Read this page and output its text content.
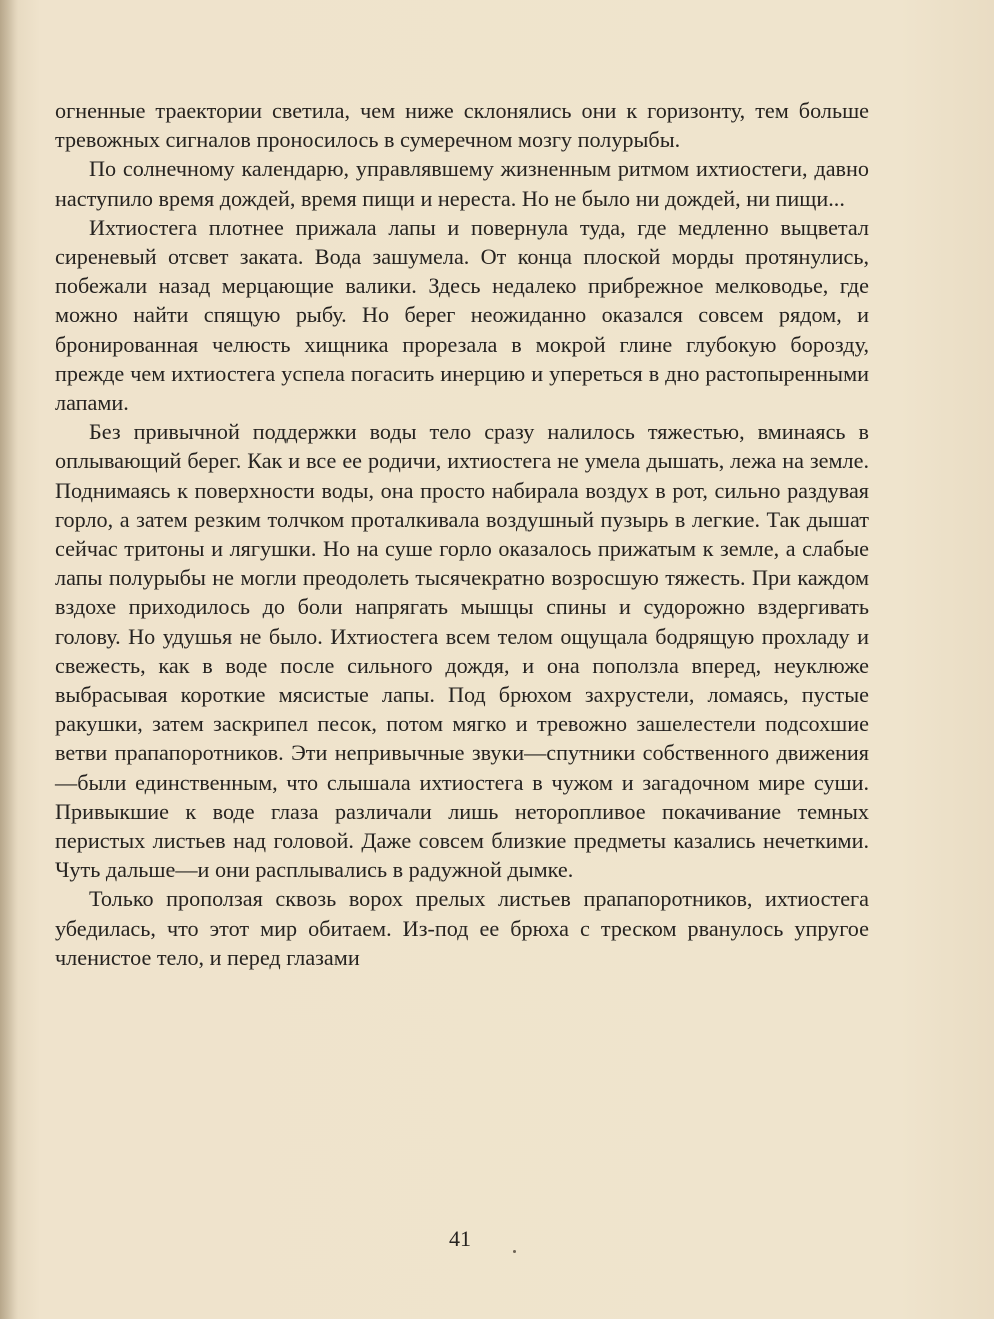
огненные траектории светила, чем ниже склонялись они к горизонту, тем больше тревожных сигналов проносилось в сумеречном мозгу полурыбы.

По солнечному календарю, управлявшему жизненным ритмом ихтиостеги, давно наступило время дождей, время пищи и нереста. Но не было ни дождей, ни пищи...

Ихтиостега плотнее прижала лапы и повернула туда, где медленно выцветал сиреневый отсвет заката. Вода зашумела. От конца плоской морды протянулись, побежали назад мерцающие валики. Здесь недалеко прибрежное мелководье, где можно найти спящую рыбу. Но берег неожиданно оказался совсем рядом, и бронированная челюсть хищника прорезала в мокрой глине глубокую борозду, прежде чем ихтиостега успела погасить инерцию и упереться в дно растопыренными лапами.

Без привычной поддержки воды тело сразу налилось тяжестью, вминаясь в оплывающий берег. Как и все ее родичи, ихтиостега не умела дышать, лежа на земле. Поднимаясь к поверхности воды, она просто набирала воздух в рот, сильно раздувая горло, а затем резким толчком проталкивала воздушный пузырь в легкие. Так дышат сейчас тритоны и лягушки. Но на суше горло оказалось прижатым к земле, а слабые лапы полурыбы не могли преодолеть тысячекратно возросшую тяжесть. При каждом вздохе приходилось до боли напрягать мышцы спины и судорожно вздергивать голову. Но удушья не было. Ихтиостега всем телом ощущала бодрящую прохладу и свежесть, как в воде после сильного дождя, и она поползла вперед, неуклюже выбрасывая короткие мясистые лапы. Под брюхом захрустели, ломаясь, пустые ракушки, затем заскрипел песок, потом мягко и тревожно зашелестели подсохшие ветви прапапоротников. Эти непривычные звуки—спутники собственного движения—были единственным, что слышала ихтиостега в чужом и загадочном мире суши. Привыкшие к воде глаза различали лишь неторопливое покачивание темных перистых листьев над головой. Даже совсем близкие предметы казались нечеткими. Чуть дальше—и они расплывались в радужной дымке.

Только проползая сквозь ворох прелых листьев прапапоротников, ихтиостега убедилась, что этот мир обитаем. Из-под ее брюха с треском рванулось упругое членистое тело, и перед глазами

41
